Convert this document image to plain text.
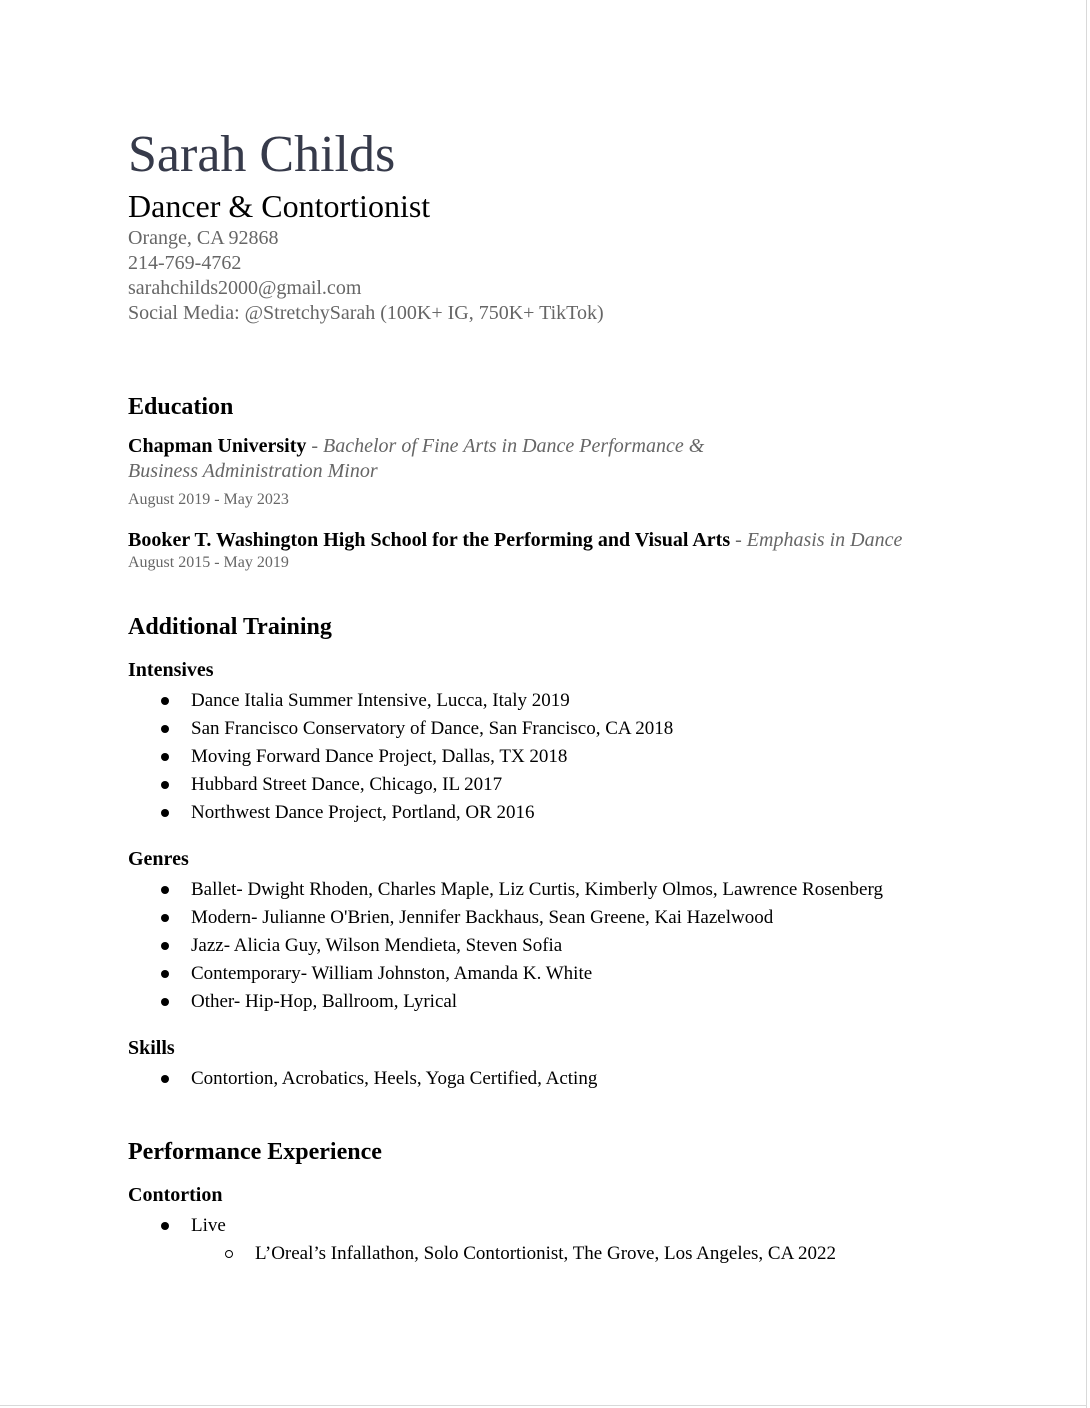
Sarah Childs
Dancer & Contortionist
Orange, CA 92868
214-769-4762
sarahchilds2000@gmail.com
Social Media: @StretchySarah (100K+ IG, 750K+ TikTok)
Education
Chapman University - Bachelor of Fine Arts in Dance Performance &
Business Administration Minor
August 2019 - May 2023
Booker T. Washington High School for the Performing and Visual Arts - Emphasis in Dance
August 2015 - May 2019
Additional Training
Intensives
Dance Italia Summer Intensive, Lucca, Italy 2019
San Francisco Conservatory of Dance, San Francisco, CA 2018
Moving Forward Dance Project, Dallas, TX 2018
Hubbard Street Dance, Chicago, IL 2017
Northwest Dance Project, Portland, OR 2016
Genres
Ballet- Dwight Rhoden, Charles Maple, Liz Curtis, Kimberly Olmos, Lawrence Rosenberg
Modern- Julianne O'Brien, Jennifer Backhaus, Sean Greene, Kai Hazelwood
Jazz- Alicia Guy, Wilson Mendieta, Steven Sofia
Contemporary- William Johnston, Amanda K. White
Other- Hip-Hop, Ballroom, Lyrical
Skills
Contortion, Acrobatics, Heels, Yoga Certified, Acting
Performance Experience
Contortion
Live
L’Oreal’s Infallathon, Solo Contortionist, The Grove, Los Angeles, CA 2022
